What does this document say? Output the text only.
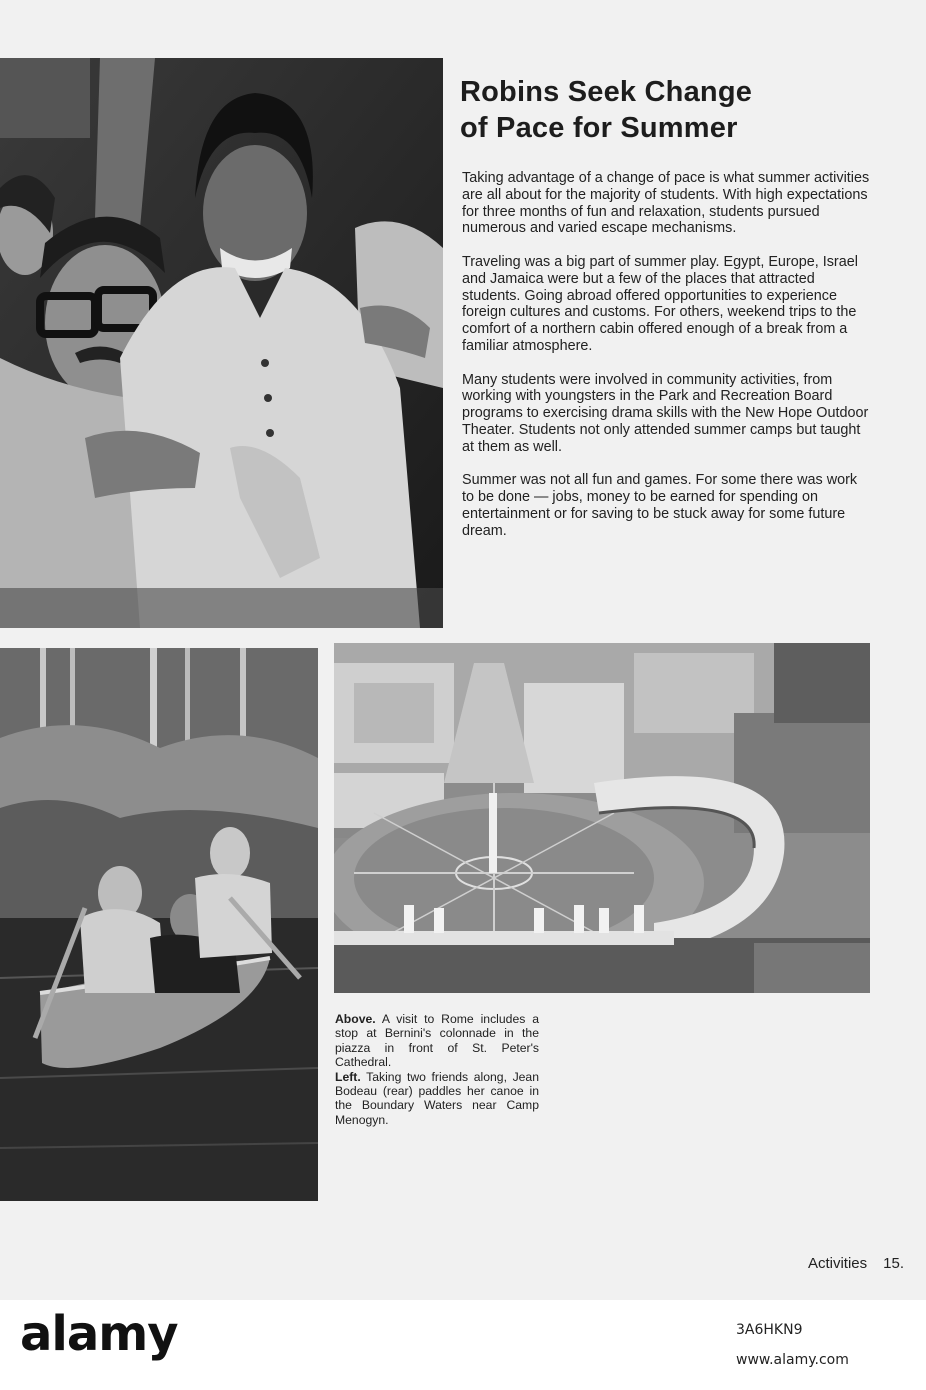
Robins Seek Change
of Pace for Summer

Taking advantage of a change of pace is what summer activities are all about for the majority of students. With high expectations for three months of fun and relaxation, students pursued numerous and varied escape mechanisms.

Traveling was a big part of summer play. Egypt, Europe, Israel and Jamaica were but a few of the places that attracted students. Going abroad offered opportunities to experience foreign cultures and customs. For others, weekend trips to the comfort of a northern cabin offered enough of a break from a familiar atmosphere.

Many students were involved in community activities, from working with youngsters in the Park and Recreation Board programs to exercising drama skills with the New Hope Outdoor Theater. Students not only attended summer camps but taught at them as well.

Summer was not all fun and games. For some there was work to be done — jobs, money to be earned for spending on entertainment or for saving to be stuck away for some future dream.

Above. A visit to Rome includes a stop at Bernini's colonnade in the piazza in front of St. Peter's Cathedral.

Left. Taking two friends along, Jean Bodeau (rear) paddles her canoe in the Boundary Waters near Camp Menogyn.

Activities 15.
alamy	3A6HKN9
www.alamy.com
